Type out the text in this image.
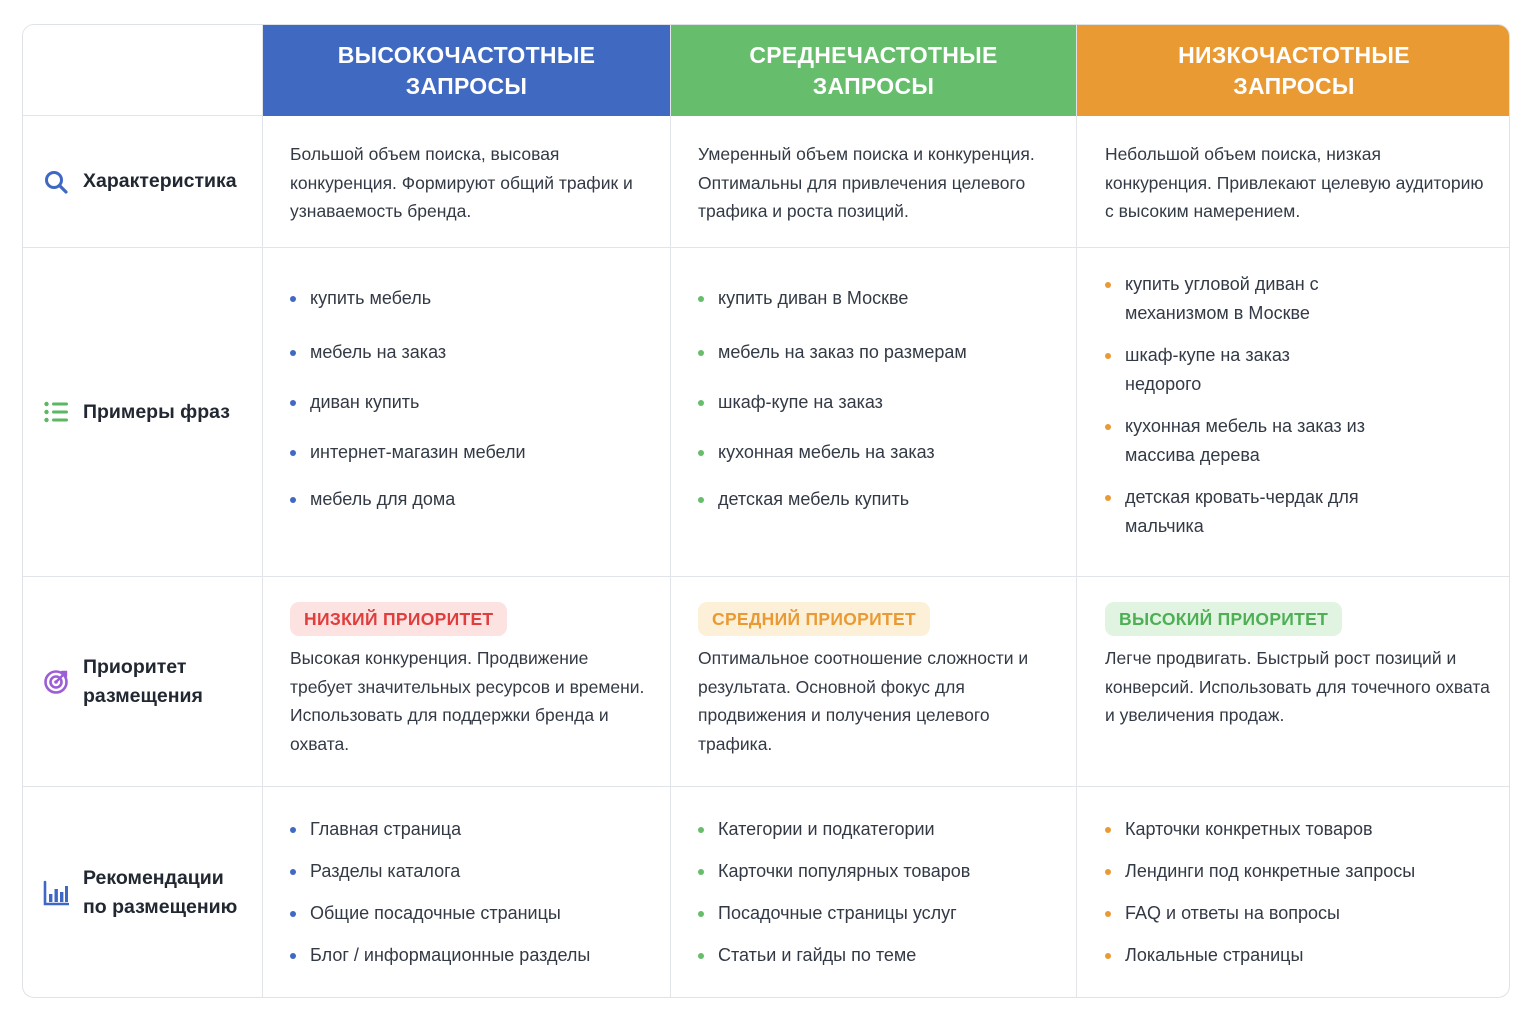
ВЫСОКОЧАСТОТНЫЕ ЗАПРОСЫ
СРЕДНЕЧАСТОТНЫЕ ЗАПРОСЫ
НИЗКОЧАСТОТНЫЕ ЗАПРОСЫ
Характеристика
Большой объем поиска, высовая конкуренция. Формируют общий трафик и узнаваемость бренда.
Умеренный объем поиска и конкуренция. Оптимальны для привлечения целевого трафика и роста позиций.
Небольшой объем поиска, низкая конкуренция. Привлекают целевую аудиторию с высоким намерением.
Примеры фраз
купить мебель
мебель на заказ
диван купить
интернет-магазин мебели
мебель для дома
купить диван в Москве
мебель на заказ по размерам
шкаф-купе на заказ
кухонная мебель на заказ
детская мебель купить
купить угловой диван с механизмом в Москве
шкаф-купе на заказ недорого
кухонная мебель на заказ из массива дерева
детская кровать-чердак для мальчика
Приоритет размещения
НИЗКИЙ ПРИОРИТЕТ
Высокая конкуренция. Продвижение требует значительных ресурсов и времени. Использовать для поддержки бренда и охвата.
СРЕДНИЙ ПРИОРИТЕТ
Оптимальное соотношение сложности и результата. Основной фокус для продвижения и получения целевого трафика.
ВЫСОКИЙ ПРИОРИТЕТ
Легче продвигать. Быстрый рост позиций и конверсий. Использовать для точечного охвата и увеличения продаж.
Рекомендации по размещению
Главная страница
Разделы каталога
Общие посадочные страницы
Блог / информационные разделы
Категории и подкатегории
Карточки популярных товаров
Посадочные страницы услуг
Статьи и гайды по теме
Карточки конкретных товаров
Лендинги под конкретные запросы
FAQ и ответы на вопросы
Локальные страницы
